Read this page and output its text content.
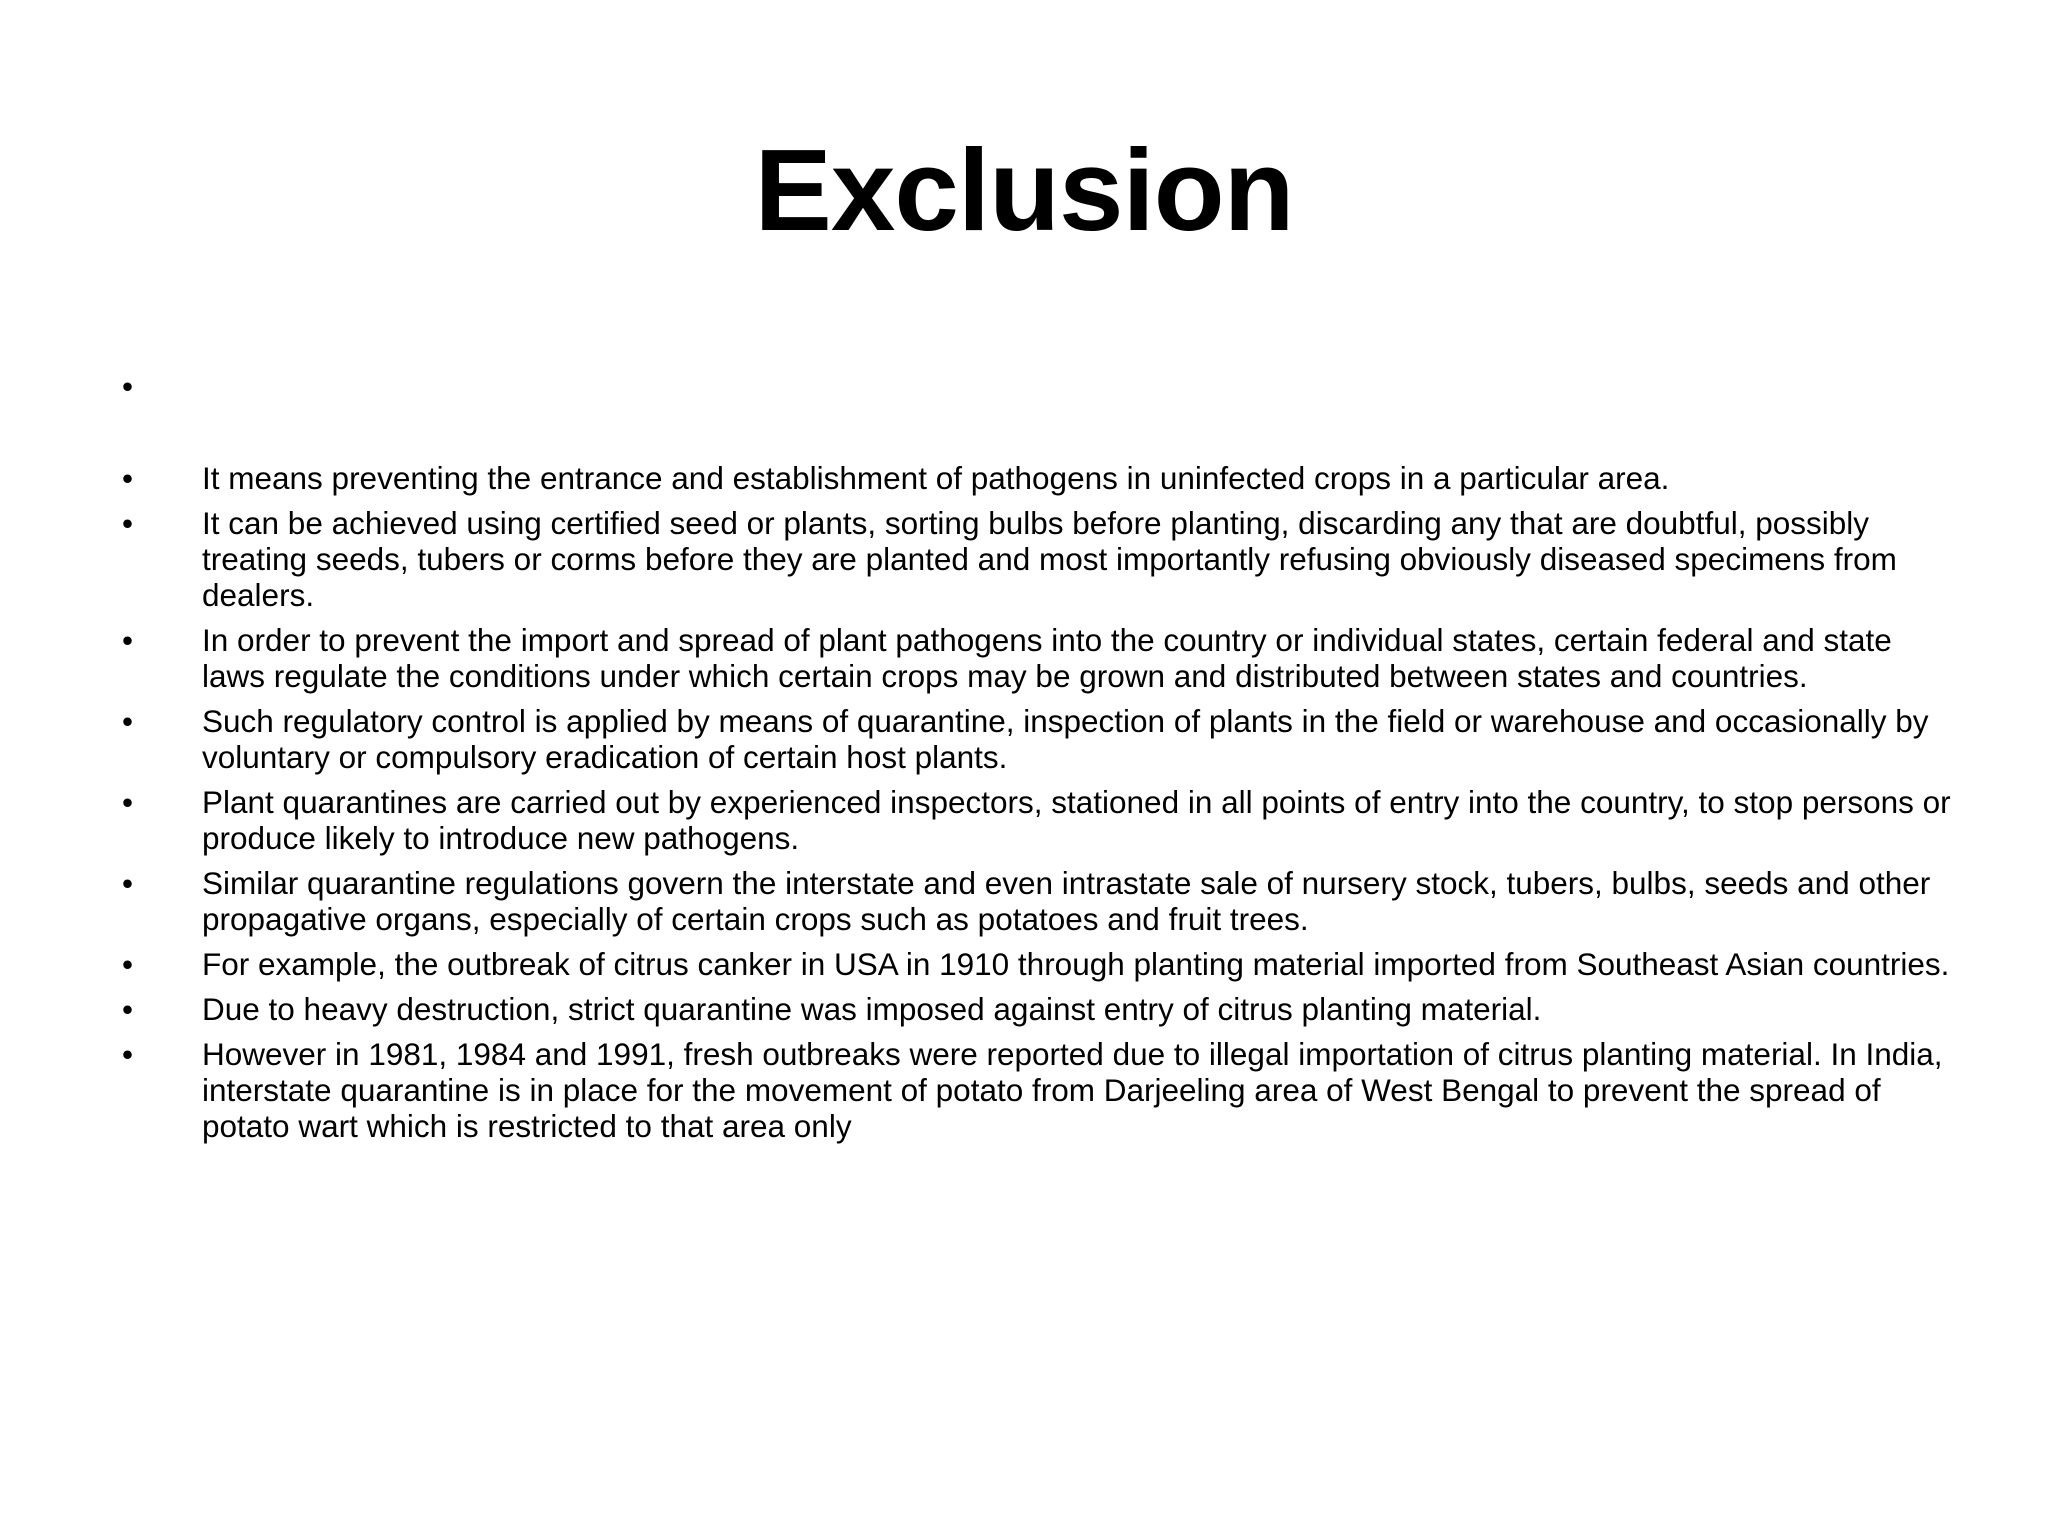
Exclusion
•
• It means preventing the entrance and establishment of pathogens in uninfected crops in a particular area.
• It can be achieved using certified seed or plants, sorting bulbs before planting, discarding any that are doubtful, possibly treating seeds, tubers or corms before they are planted and most importantly refusing obviously diseased specimens from dealers.
• In order to prevent the import and spread of plant pathogens into the country or individual states, certain federal and state laws regulate the conditions under which certain crops may be grown and distributed between states and countries.
• Such regulatory control is applied by means of quarantine, inspection of plants in the field or warehouse and occasionally by voluntary or compulsory eradication of certain host plants.
• Plant quarantines are carried out by experienced inspectors, stationed in all points of entry into the country, to stop persons or produce likely to introduce new pathogens.
• Similar quarantine regulations govern the interstate and even intrastate sale of nursery stock, tubers, bulbs, seeds and other propagative organs, especially of certain crops such as potatoes and fruit trees.
• For example, the outbreak of citrus canker in USA in 1910 through planting material imported from Southeast Asian countries.
• Due to heavy destruction, strict quarantine was imposed against entry of citrus planting material.
• However in 1981, 1984 and 1991, fresh outbreaks were reported due to illegal importation of citrus planting material. In India, interstate quarantine is in place for the movement of potato from Darjeeling area of West Bengal to prevent the spread of potato wart which is restricted to that area only
